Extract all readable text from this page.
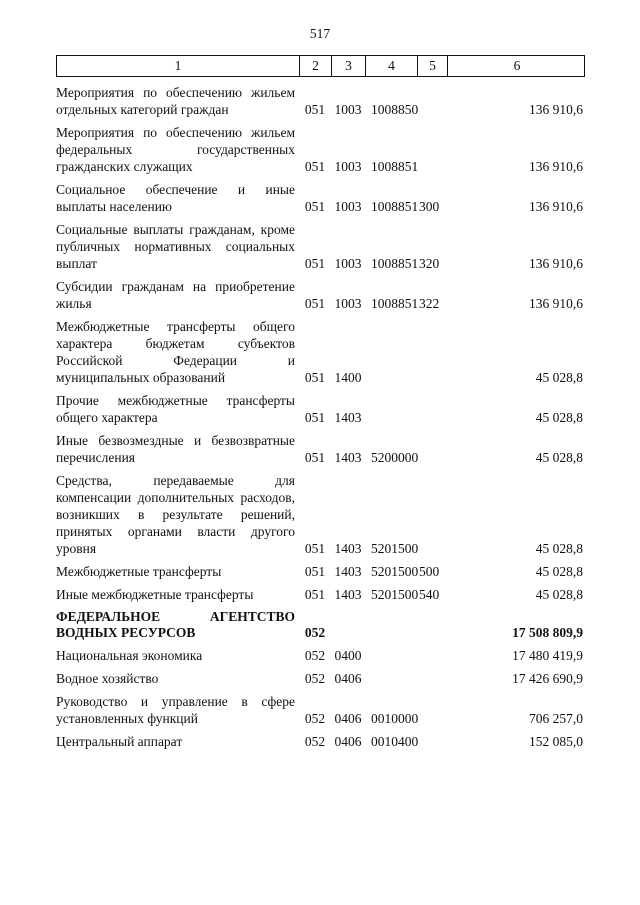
517
1	2	3	4	5	6
Мероприятия по обеспечению жильем отдельных категорий граждан	051 1003 1008850	136 910,6
Мероприятия по обеспечению жильем федеральных государственных гражданских служащих	051 1003 1008851	136 910,6
Социальное обеспечение и иные выплаты населению	051 1003 1008851 300	136 910,6
Социальные выплаты гражданам, кроме публичных нормативных социальных выплат	051 1003 1008851 320	136 910,6
Субсидии гражданам на приобретение жилья	051 1003 1008851 322	136 910,6
Межбюджетные трансферты общего характера бюджетам субъектов Российской Федерации и муниципальных образований	051 1400	45 028,8
Прочие межбюджетные трансферты общего характера	051 1403	45 028,8
Иные безвозмездные и безвозвратные перечисления	051 1403 5200000	45 028,8
Средства, передаваемые для компенсации дополнительных расходов, возникших в результате решений, принятых органами власти другого уровня	051 1403 5201500	45 028,8
Межбюджетные трансферты	051 1403 5201500 500	45 028,8
Иные межбюджетные трансферты	051 1403 5201500 540	45 028,8
ФЕДЕРАЛЬНОЕ АГЕНТСТВО ВОДНЫХ РЕСУРСОВ	052	17 508 809,9
Национальная экономика	052 0400	17 480 419,9
Водное хозяйство	052 0406	17 426 690,9
Руководство и управление в сфере установленных функций	052 0406 0010000	706 257,0
Центральный аппарат	052 0406 0010400	152 085,0
